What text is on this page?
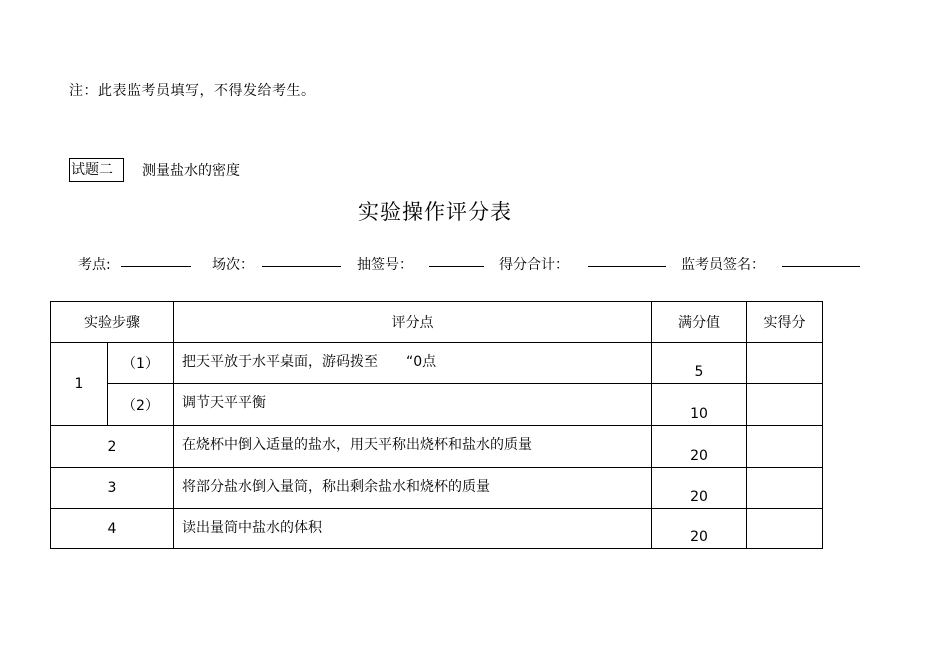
注：此表监考员填写，不得发给考生。
试题二	测量盐水的密度
实验操作评分表
考点:	场次：	抽签号：	得分合计：	监考员签名：
实验步骤		评分点	满分值	实得分
1	（1）	把天平放于水平桌面，游码拨至　　“0点	5	
	（2）	调节天平平衡	10	
2		在烧杯中倒入适量的盐水，用天平称出烧杯和盐水的质量	20	
3		将部分盐水倒入量筒，称出剩余盐水和烧杯的质量	20	
4		读出量筒中盐水的体积	20	
